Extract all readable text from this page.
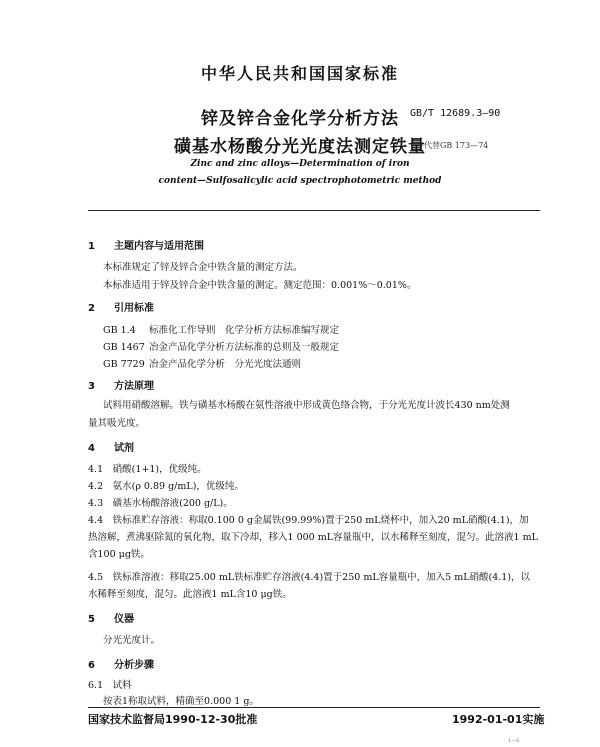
中华人民共和国国家标准
锌及锌合金化学分析方法
磺基水杨酸分光光度法测定铁量
GB/T 12689.3—90
代替GB 173—74
Zinc and zinc alloys—Determination of iron
content—Sulfosalicylic acid spectrophotometric method
1 主题内容与适用范围
本标准规定了锌及锌合金中铁含量的测定方法。
本标准适用于锌及锌合金中铁含量的测定。测定范围：0.001%～0.01%。
2 引用标准
GB 1.4 标准化工作导则　化学分析方法标准编写规定
GB 1467 冶金产品化学分析方法标准的总则及一般规定
GB 7729 冶金产品化学分析　分光光度法通则
3 方法原理
试料用硝酸溶解。铁与磺基水杨酸在氨性溶液中形成黄色络合物，于分光光度计波长430 nm处测
量其吸光度。
4 试剂
4.1　硝酸(1+1)，优级纯。
4.2　氨水(ρ 0.89 g/mL)，优级纯。
4.3　磺基水杨酸溶液(200 g/L)。
4.4　铁标准贮存溶液：称取0.100 0 g金属铁(99.99%)置于250 mL烧杯中，加入20 mL硝酸(4.1)，加
热溶解，煮沸驱除氮的氧化物，取下冷却，移入1 000 mL容量瓶中，以水稀释至刻度，混匀。此溶液1 mL
含100 μg铁。
4.5　铁标准溶液：移取25.00 mL铁标准贮存溶液(4.4)置于250 mL容量瓶中，加入5 mL硝酸(4.1)，以
水稀释至刻度，混匀。此溶液1 mL含10 μg铁。
5 仪器
分光光度计。
6 分析步骤
6.1　试料
按表1称取试料，精确至0.000 1 g。
国家技术监督局1990-12-30批准	1992-01-01实施
1—6
